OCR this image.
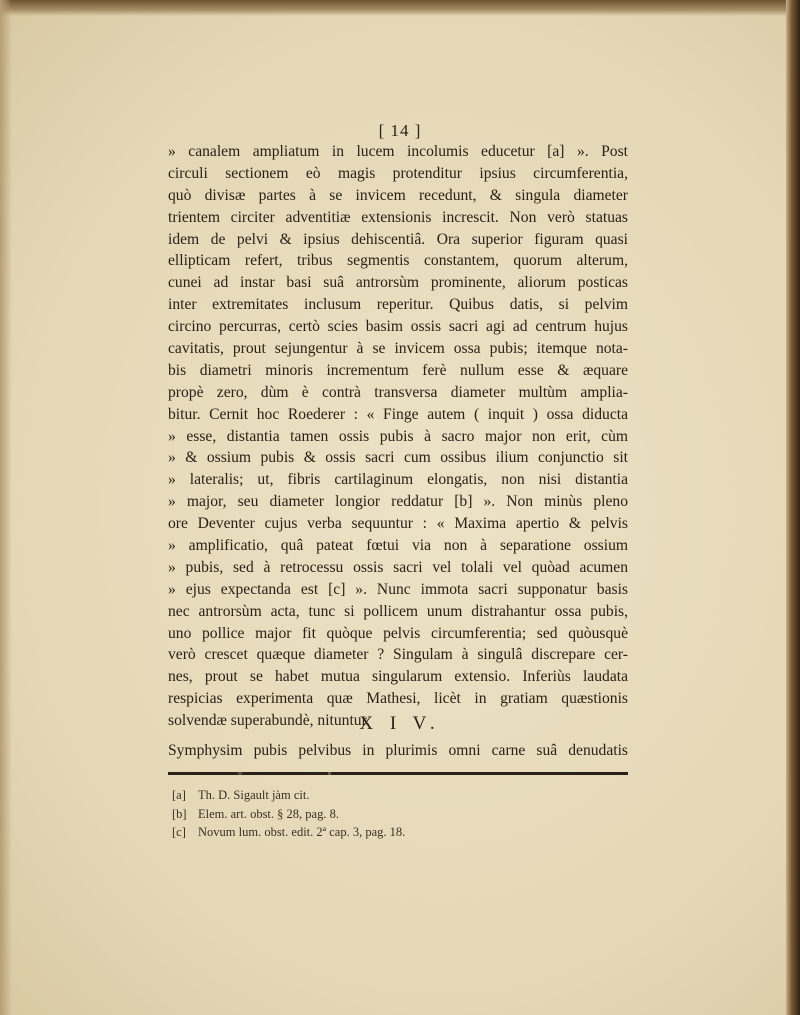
[ 14 ]
» canalem ampliatum in lucem incolumis educetur [a] ». Post
circuli sectionem eò magis protenditur ipsius circumferentia,
quò divisæ partes à se invicem recedunt, & singula diameter
trientem circiter adventitiæ extensionis increscit. Non verò statuas
idem de pelvi & ipsius dehiscentiâ. Ora superior figuram quasi
ellipticam refert, tribus segmentis constantem, quorum alterum,
cunei ad instar basi suâ antrorsùm prominente, aliorum posticas
inter extremitates inclusum reperitur. Quibus datis, si pelvim
circino percurras, certò scies basim ossis sacri agi ad centrum hujus
cavitatis, prout sejungentur à se invicem ossa pubis; itemque nota-
bis diametri minoris incrementum ferè nullum esse & æquare
propè zero, dùm è contrà transversa diameter multùm amplia-
bitur. Cernit hoc Roederer : « Finge autem ( inquit ) ossa diducta
» esse, distantia tamen ossis pubis à sacro major non erit, cùm
» & ossium pubis & ossis sacri cum ossibus ilium conjunctio sit
» lateralis; ut, fibris cartilaginum elongatis, non nisi distantia
» major, seu diameter longior reddatur [b] ». Non minùs pleno
ore Deventer cujus verba sequuntur : « Maxima apertio & pelvis
» amplificatio, quâ pateat fœtui via non à separatione ossium
» pubis, sed à retrocessu ossis sacri vel tolali vel quòad acumen
» ejus expectanda est [c] ». Nunc immota sacri supponatur basis
nec antrorsùm acta, tunc si pollicem unum distrahantur ossa pubis,
uno pollice major fit quòque pelvis circumferentia; sed quòusquè
verò crescet quæque diameter ? Singulam à singulâ discrepare cer-
nes, prout se habet mutua singularum extensio. Inferiùs laudata
respicias experimenta quæ Mathesi, licèt in gratiam quæstionis
solvendæ superabundè, nituntur.
X I V.
Symphysim pubis pelvibus in plurimis omni carne suâ denudatis
[a] Th. D. Sigault jàm cit.
[b] Elem. art. obst. § 28, pag. 8.
[c] Novum lum. obst. edit. 2ª cap. 3, pag. 18.
